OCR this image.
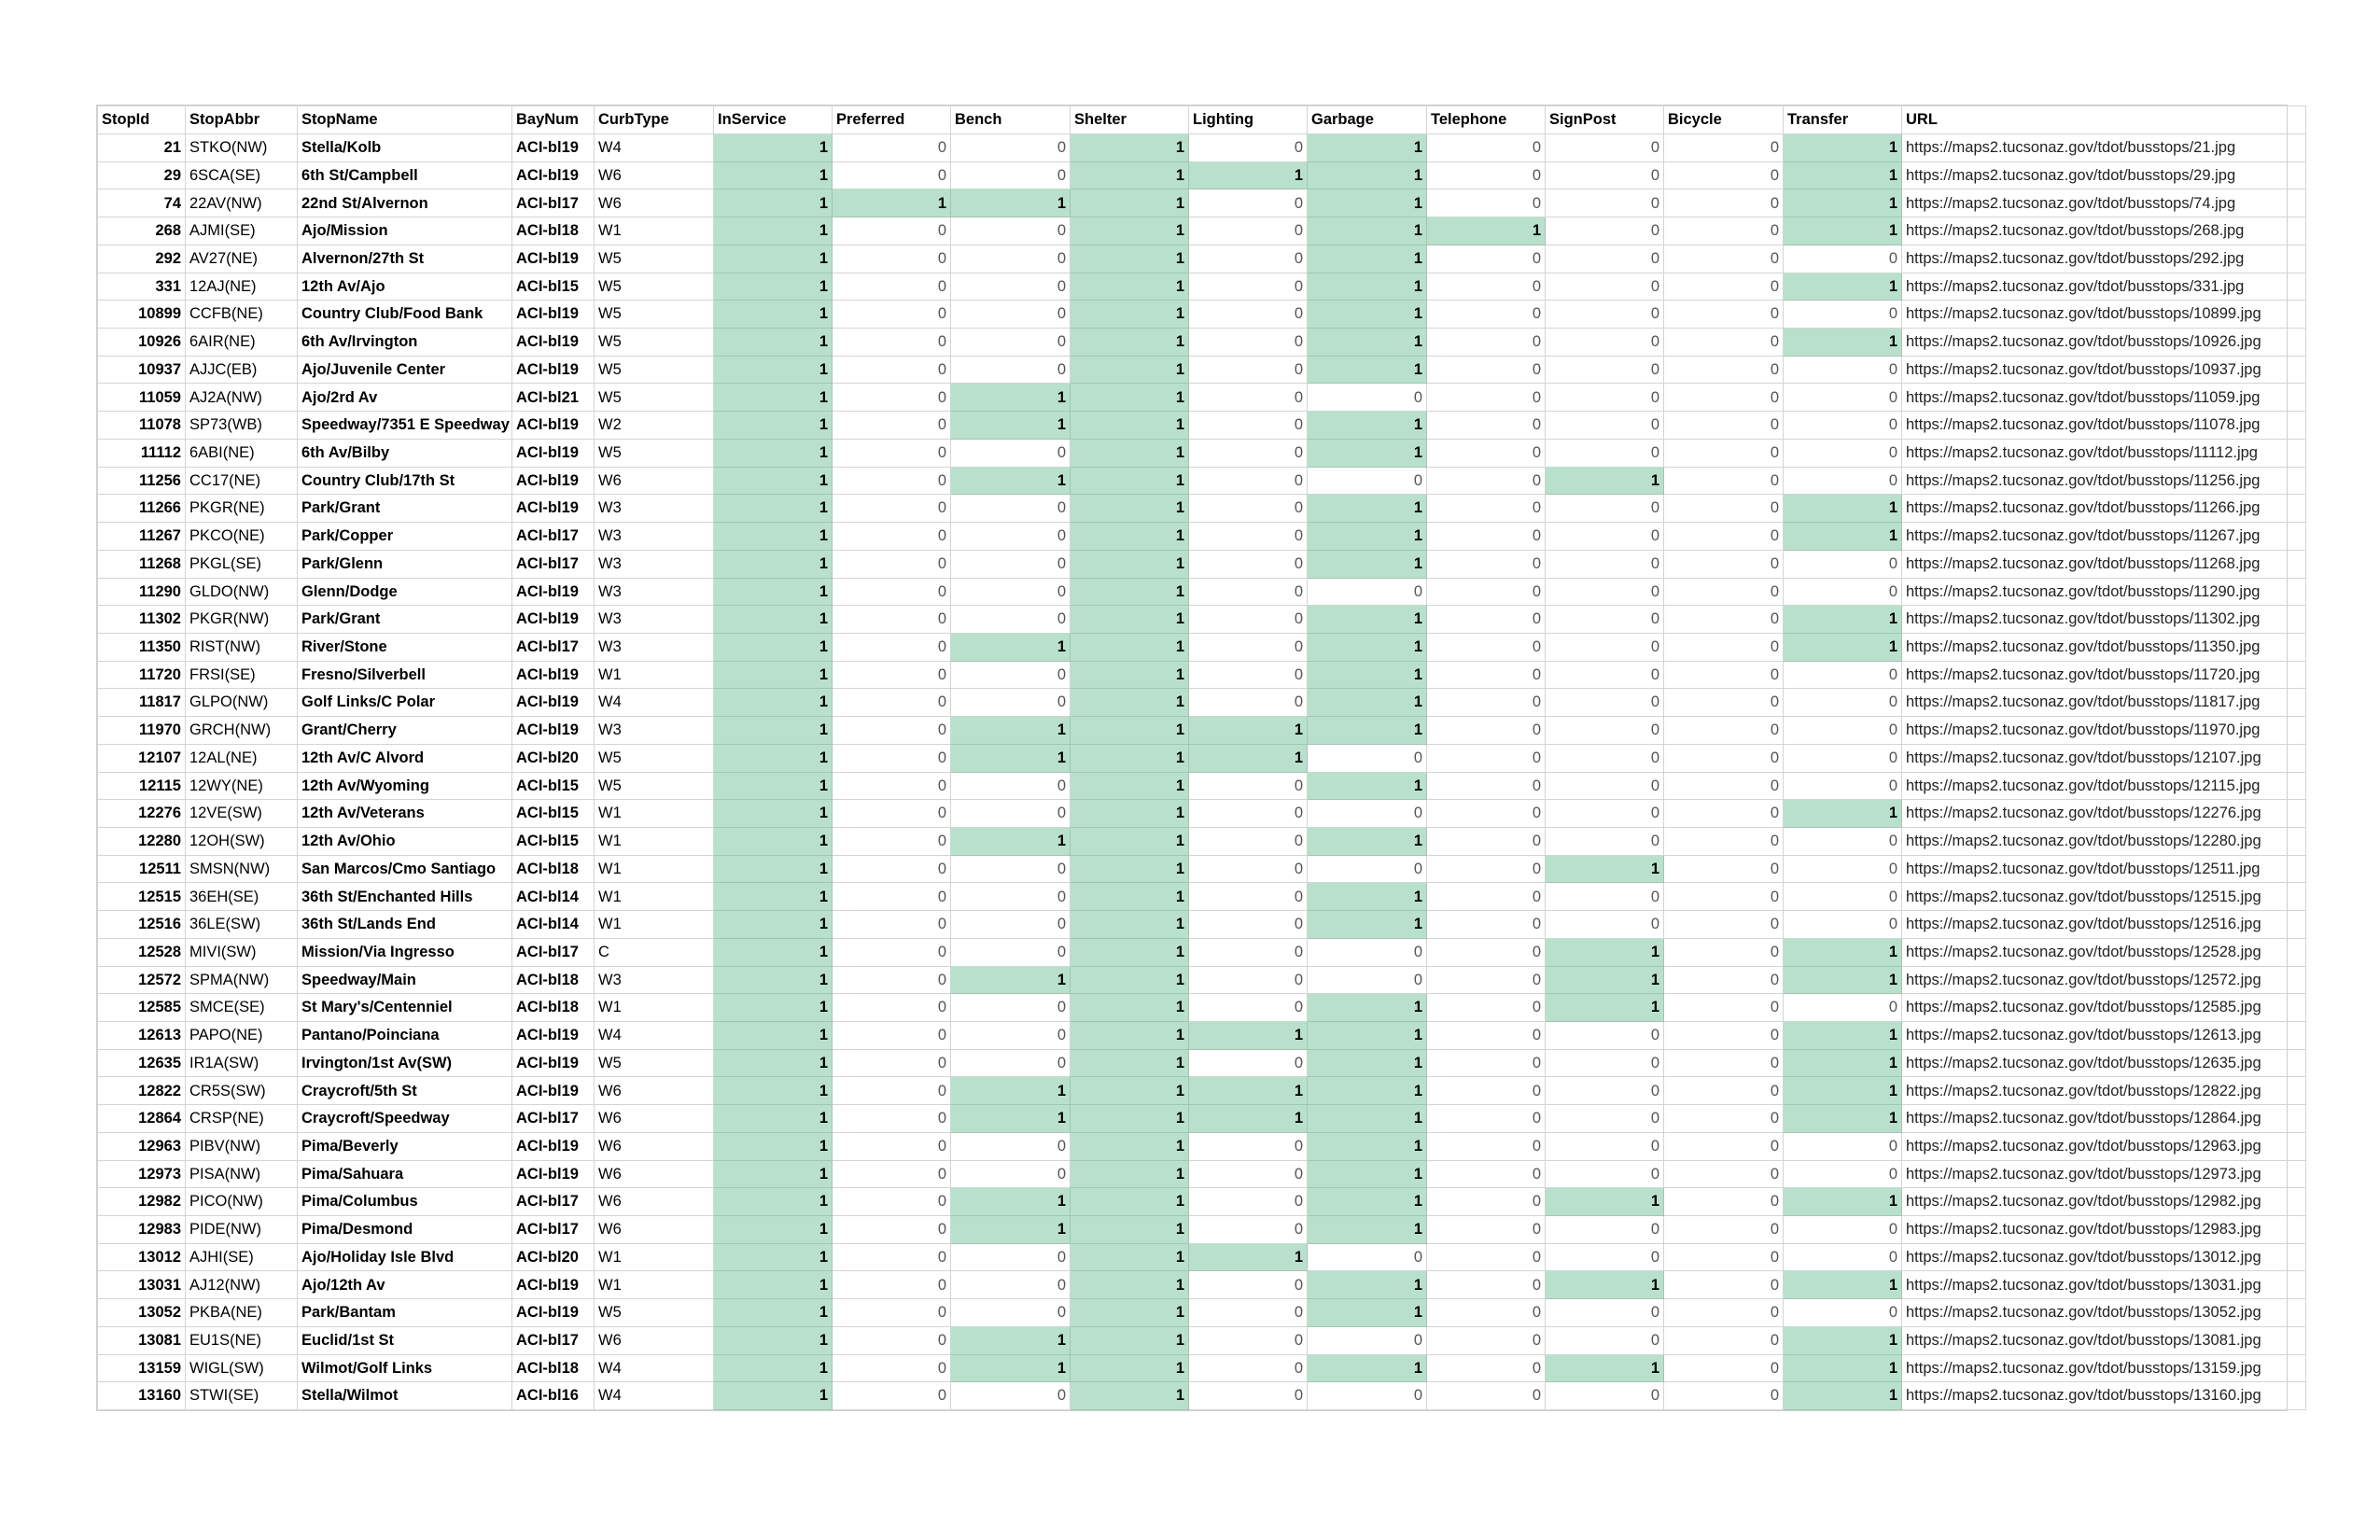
StopId	StopAbbr	StopName	BayNum	CurbType	InService	Preferred	Bench	Shelter	Lighting	Garbage	Telephone	SignPost	Bicycle	Transfer	URL
21	STKO(NW)	Stella/Kolb	ACI-bl19	W4	1	0	0	1	0	1	0	0	0	1	https://maps2.tucsonaz.gov/tdot/busstops/21.jpg
29	6SCA(SE)	6th St/Campbell	ACI-bl19	W6	1	0	0	1	1	1	0	0	0	1	https://maps2.tucsonaz.gov/tdot/busstops/29.jpg
74	22AV(NW)	22nd St/Alvernon	ACI-bl17	W6	1	1	1	1	0	1	0	0	0	1	https://maps2.tucsonaz.gov/tdot/busstops/74.jpg
268	AJMI(SE)	Ajo/Mission	ACI-bl18	W1	1	0	0	1	0	1	1	0	0	1	https://maps2.tucsonaz.gov/tdot/busstops/268.jpg
292	AV27(NE)	Alvernon/27th St	ACI-bl19	W5	1	0	0	1	0	1	0	0	0	0	https://maps2.tucsonaz.gov/tdot/busstops/292.jpg
331	12AJ(NE)	12th Av/Ajo	ACI-bl15	W5	1	0	0	1	0	1	0	0	0	1	https://maps2.tucsonaz.gov/tdot/busstops/331.jpg
10899	CCFB(NE)	Country Club/Food Bank	ACI-bl19	W5	1	0	0	1	0	1	0	0	0	0	https://maps2.tucsonaz.gov/tdot/busstops/10899.jpg
10926	6AIR(NE)	6th Av/Irvington	ACI-bl19	W5	1	0	0	1	0	1	0	0	0	1	https://maps2.tucsonaz.gov/tdot/busstops/10926.jpg
10937	AJJC(EB)	Ajo/Juvenile Center	ACI-bl19	W5	1	0	0	1	0	1	0	0	0	0	https://maps2.tucsonaz.gov/tdot/busstops/10937.jpg
11059	AJ2A(NW)	Ajo/2rd Av	ACI-bl21	W5	1	0	1	1	0	0	0	0	0	0	https://maps2.tucsonaz.gov/tdot/busstops/11059.jpg
11078	SP73(WB)	Speedway/7351 E Speedway	ACI-bl19	W2	1	0	1	1	0	1	0	0	0	0	https://maps2.tucsonaz.gov/tdot/busstops/11078.jpg
11112	6ABI(NE)	6th Av/Bilby	ACI-bl19	W5	1	0	0	1	0	1	0	0	0	0	https://maps2.tucsonaz.gov/tdot/busstops/11112.jpg
11256	CC17(NE)	Country Club/17th St	ACI-bl19	W6	1	0	1	1	0	0	0	1	0	0	https://maps2.tucsonaz.gov/tdot/busstops/11256.jpg
11266	PKGR(NE)	Park/Grant	ACI-bl19	W3	1	0	0	1	0	1	0	0	0	1	https://maps2.tucsonaz.gov/tdot/busstops/11266.jpg
11267	PKCO(NE)	Park/Copper	ACI-bl17	W3	1	0	0	1	0	1	0	0	0	1	https://maps2.tucsonaz.gov/tdot/busstops/11267.jpg
11268	PKGL(SE)	Park/Glenn	ACI-bl17	W3	1	0	0	1	0	1	0	0	0	0	https://maps2.tucsonaz.gov/tdot/busstops/11268.jpg
11290	GLDO(NW)	Glenn/Dodge	ACI-bl19	W3	1	0	0	1	0	0	0	0	0	0	https://maps2.tucsonaz.gov/tdot/busstops/11290.jpg
11302	PKGR(NW)	Park/Grant	ACI-bl19	W3	1	0	0	1	0	1	0	0	0	1	https://maps2.tucsonaz.gov/tdot/busstops/11302.jpg
11350	RIST(NW)	River/Stone	ACI-bl17	W3	1	0	1	1	0	1	0	0	0	1	https://maps2.tucsonaz.gov/tdot/busstops/11350.jpg
11720	FRSI(SE)	Fresno/Silverbell	ACI-bl19	W1	1	0	0	1	0	1	0	0	0	0	https://maps2.tucsonaz.gov/tdot/busstops/11720.jpg
11817	GLPO(NW)	Golf Links/C Polar	ACI-bl19	W4	1	0	0	1	0	1	0	0	0	0	https://maps2.tucsonaz.gov/tdot/busstops/11817.jpg
11970	GRCH(NW)	Grant/Cherry	ACI-bl19	W3	1	0	1	1	1	1	0	0	0	0	https://maps2.tucsonaz.gov/tdot/busstops/11970.jpg
12107	12AL(NE)	12th Av/C Alvord	ACI-bl20	W5	1	0	1	1	1	0	0	0	0	0	https://maps2.tucsonaz.gov/tdot/busstops/12107.jpg
12115	12WY(NE)	12th Av/Wyoming	ACI-bl15	W5	1	0	0	1	0	1	0	0	0	0	https://maps2.tucsonaz.gov/tdot/busstops/12115.jpg
12276	12VE(SW)	12th Av/Veterans	ACI-bl15	W1	1	0	0	1	0	0	0	0	0	1	https://maps2.tucsonaz.gov/tdot/busstops/12276.jpg
12280	12OH(SW)	12th Av/Ohio	ACI-bl15	W1	1	0	1	1	0	1	0	0	0	0	https://maps2.tucsonaz.gov/tdot/busstops/12280.jpg
12511	SMSN(NW)	San Marcos/Cmo Santiago	ACI-bl18	W1	1	0	0	1	0	0	0	1	0	0	https://maps2.tucsonaz.gov/tdot/busstops/12511.jpg
12515	36EH(SE)	36th St/Enchanted Hills	ACI-bl14	W1	1	0	0	1	0	1	0	0	0	0	https://maps2.tucsonaz.gov/tdot/busstops/12515.jpg
12516	36LE(SW)	36th St/Lands End	ACI-bl14	W1	1	0	0	1	0	1	0	0	0	0	https://maps2.tucsonaz.gov/tdot/busstops/12516.jpg
12528	MIVI(SW)	Mission/Via Ingresso	ACI-bl17	C	1	0	0	1	0	0	0	1	0	1	https://maps2.tucsonaz.gov/tdot/busstops/12528.jpg
12572	SPMA(NW)	Speedway/Main	ACI-bl18	W3	1	0	1	1	0	0	0	1	0	1	https://maps2.tucsonaz.gov/tdot/busstops/12572.jpg
12585	SMCE(SE)	St Mary's/Centenniel	ACI-bl18	W1	1	0	0	1	0	1	0	1	0	0	https://maps2.tucsonaz.gov/tdot/busstops/12585.jpg
12613	PAPO(NE)	Pantano/Poinciana	ACI-bl19	W4	1	0	0	1	1	1	0	0	0	1	https://maps2.tucsonaz.gov/tdot/busstops/12613.jpg
12635	IR1A(SW)	Irvington/1st Av(SW)	ACI-bl19	W5	1	0	0	1	0	1	0	0	0	1	https://maps2.tucsonaz.gov/tdot/busstops/12635.jpg
12822	CR5S(SW)	Craycroft/5th St	ACI-bl19	W6	1	0	1	1	1	1	0	0	0	1	https://maps2.tucsonaz.gov/tdot/busstops/12822.jpg
12864	CRSP(NE)	Craycroft/Speedway	ACI-bl17	W6	1	0	1	1	1	1	0	0	0	1	https://maps2.tucsonaz.gov/tdot/busstops/12864.jpg
12963	PIBV(NW)	Pima/Beverly	ACI-bl19	W6	1	0	0	1	0	1	0	0	0	0	https://maps2.tucsonaz.gov/tdot/busstops/12963.jpg
12973	PISA(NW)	Pima/Sahuara	ACI-bl19	W6	1	0	0	1	0	1	0	0	0	0	https://maps2.tucsonaz.gov/tdot/busstops/12973.jpg
12982	PICO(NW)	Pima/Columbus	ACI-bl17	W6	1	0	1	1	0	1	0	1	0	1	https://maps2.tucsonaz.gov/tdot/busstops/12982.jpg
12983	PIDE(NW)	Pima/Desmond	ACI-bl17	W6	1	0	1	1	0	1	0	0	0	0	https://maps2.tucsonaz.gov/tdot/busstops/12983.jpg
13012	AJHI(SE)	Ajo/Holiday Isle Blvd	ACI-bl20	W1	1	0	0	1	1	0	0	0	0	0	https://maps2.tucsonaz.gov/tdot/busstops/13012.jpg
13031	AJ12(NW)	Ajo/12th Av	ACI-bl19	W1	1	0	0	1	0	1	0	1	0	1	https://maps2.tucsonaz.gov/tdot/busstops/13031.jpg
13052	PKBA(NE)	Park/Bantam	ACI-bl19	W5	1	0	0	1	0	1	0	0	0	0	https://maps2.tucsonaz.gov/tdot/busstops/13052.jpg
13081	EU1S(NE)	Euclid/1st St	ACI-bl17	W6	1	0	1	1	0	0	0	0	0	1	https://maps2.tucsonaz.gov/tdot/busstops/13081.jpg
13159	WIGL(SW)	Wilmot/Golf Links	ACI-bl18	W4	1	0	1	1	0	1	0	1	0	1	https://maps2.tucsonaz.gov/tdot/busstops/13159.jpg
13160	STWI(SE)	Stella/Wilmot	ACI-bl16	W4	1	0	0	1	0	0	0	0	0	1	https://maps2.tucsonaz.gov/tdot/busstops/13160.jpg
